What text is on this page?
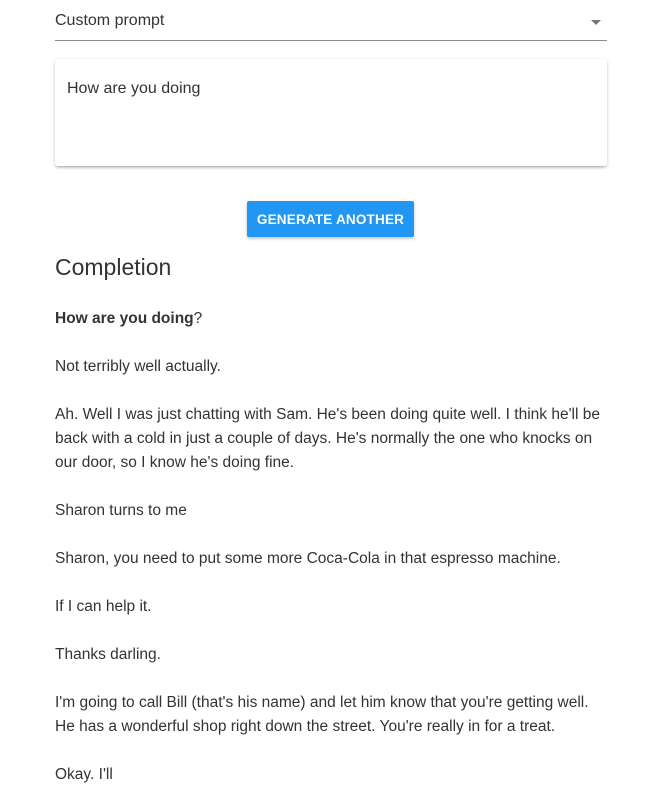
Custom prompt
How are you doing
GENERATE ANOTHER
Completion

How are you doing?

Not terribly well actually.

Ah. Well I was just chatting with Sam. He's been doing quite well. I think he'll be back with a cold in just a couple of days. He's normally the one who knocks on our door, so I know he's doing fine.

Sharon turns to me

Sharon, you need to put some more Coca-Cola in that espresso machine.

If I can help it.

Thanks darling.

I'm going to call Bill (that's his name) and let him know that you're getting well. He has a wonderful shop right down the street. You're really in for a treat.

Okay. I'll
